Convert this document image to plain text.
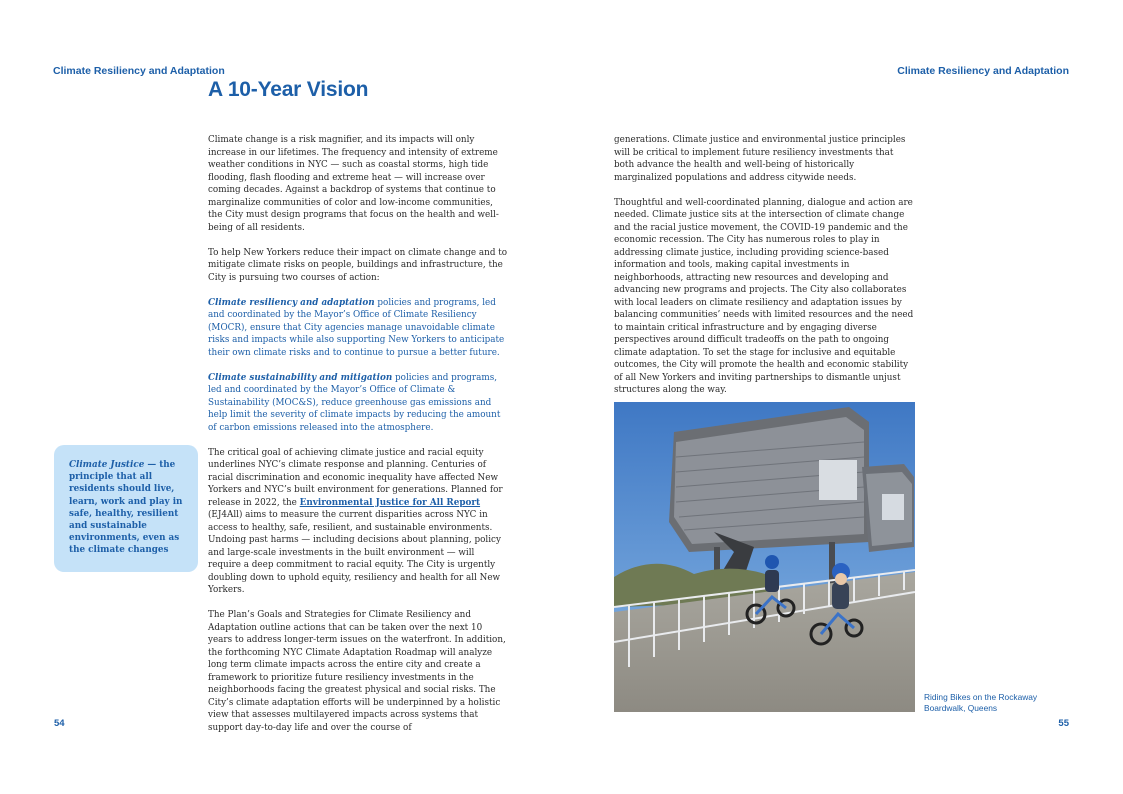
Climate Resiliency and Adaptation	Climate Resiliency and Adaptation
A 10-Year Vision

Climate change is a risk magnifier, and its impacts will only increase in our lifetimes. The frequency and intensity of extreme weather conditions in NYC — such as coastal storms, high tide flooding, flash flooding and extreme heat — will increase over coming decades. Against a backdrop of systems that continue to marginalize communities of color and low-income communities, the City must design programs that focus on the health and well-being of all residents.

To help New Yorkers reduce their impact on climate change and to mitigate climate risks on people, buildings and infrastructure, the City is pursuing two courses of action:

Climate resiliency and adaptation policies and programs, led and coordinated by the Mayor’s Office of Climate Resiliency (MOCR), ensure that City agencies manage unavoidable climate risks and impacts while also supporting New Yorkers to anticipate their own climate risks and to continue to pursue a better future.

Climate sustainability and mitigation policies and programs, led and coordinated by the Mayor’s Office of Climate & Sustainability (MOC&S), reduce greenhouse gas emissions and help limit the severity of climate impacts by reducing the amount of carbon emissions released into the atmosphere.

The critical goal of achieving climate justice and racial equity underlines NYC’s climate response and planning. Centuries of racial discrimination and economic inequality have affected New Yorkers and NYC’s built environment for generations. Planned for release in 2022, the Environmental Justice for All Report (EJ4All) aims to measure the current disparities across NYC in access to healthy, safe, resilient, and sustainable environments. Undoing past harms — including decisions about planning, policy and large-scale investments in the built environment — will require a deep commitment to racial equity. The City is urgently doubling down to uphold equity, resiliency and health for all New Yorkers.

The Plan’s Goals and Strategies for Climate Resiliency and Adaptation outline actions that can be taken over the next 10 years to address longer-term issues on the waterfront. In addition, the forthcoming NYC Climate Adaptation Roadmap will analyze long term climate impacts across the entire city and create a framework to prioritize future resiliency investments in the neighborhoods facing the greatest physical and social risks. The City’s climate adaptation efforts will be underpinned by a holistic view that assesses multilayered impacts across systems that support day-to-day life and over the course of

generations. Climate justice and environmental justice principles will be critical to implement future resiliency investments that both advance the health and well-being of historically marginalized populations and address citywide needs.

Thoughtful and well-coordinated planning, dialogue and action are needed. Climate justice sits at the intersection of climate change and the racial justice movement, the COVID-19 pandemic and the economic recession. The City has numerous roles to play in addressing climate justice, including providing science-based information and tools, making capital investments in neighborhoods, attracting new resources and developing and advancing new programs and projects. The City also collaborates with local leaders on climate resiliency and adaptation issues by balancing communities’ needs with limited resources and the need to maintain critical infrastructure and by engaging diverse perspectives around difficult tradeoffs on the path to ongoing climate adaptation. To set the stage for inclusive and equitable outcomes, the City will promote the health and economic stability of all New Yorkers and inviting partnerships to dismantle unjust structures along the way.

Climate Justice — the principle that all residents should live, learn, work and play in safe, healthy, resilient and sustainable environments, even as the climate changes
Riding Bikes on the Rockaway Boardwalk, Queens
54	55
